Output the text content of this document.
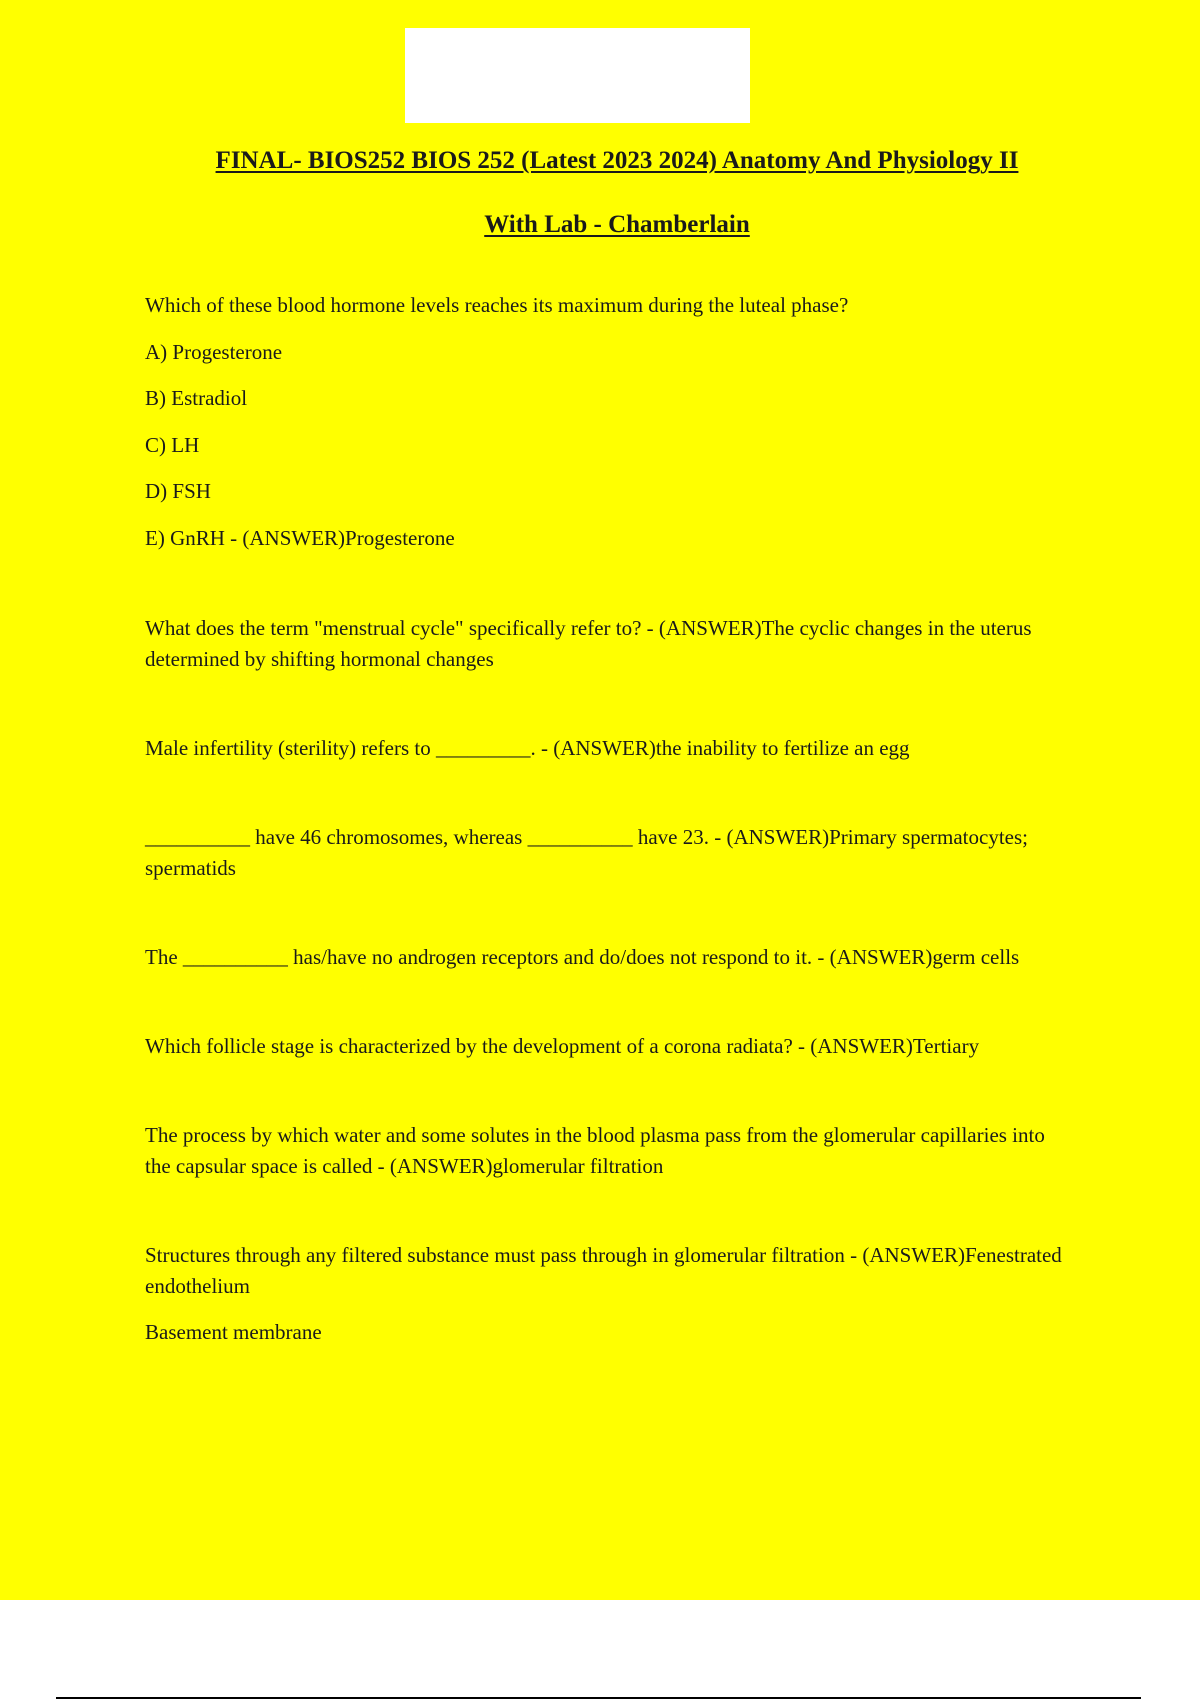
FINAL- BIOS252 BIOS 252 (Latest 2023 2024) Anatomy And Physiology II
With Lab - Chamberlain

Which of these blood hormone levels reaches its maximum during the luteal phase?

A) Progesterone

B) Estradiol

C) LH

D) FSH

E) GnRH - (ANSWER)Progesterone

What does the term "menstrual cycle" specifically refer to? - (ANSWER)The cyclic changes in the uterus determined by shifting hormonal changes

Male infertility (sterility) refers to _________. - (ANSWER)the inability to fertilize an egg

__________ have 46 chromosomes, whereas __________ have 23. - (ANSWER)Primary spermatocytes; spermatids

The __________ has/have no androgen receptors and do/does not respond to it. - (ANSWER)germ cells

Which follicle stage is characterized by the development of a corona radiata? - (ANSWER)Tertiary

The process by which water and some solutes in the blood plasma pass from the glomerular capillaries into the capsular space is called - (ANSWER)glomerular filtration

Structures through any filtered substance must pass through in glomerular filtration - (ANSWER)Fenestrated endothelium

Basement membrane
